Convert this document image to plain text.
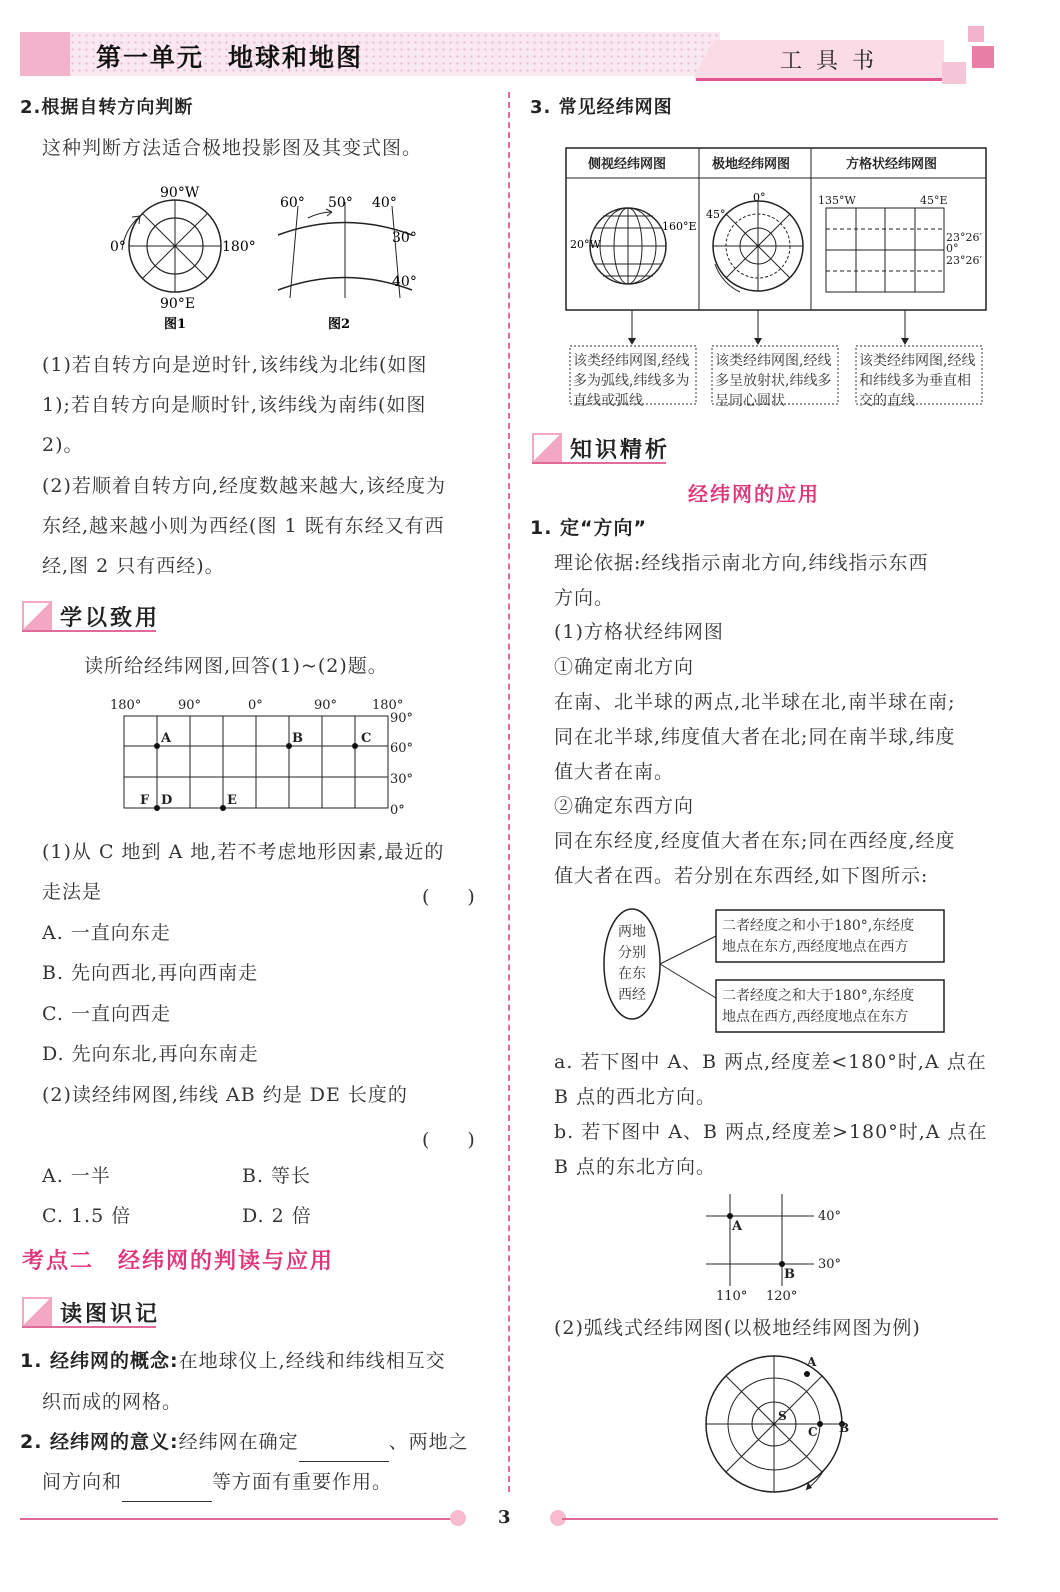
第一单元 地球和地图	工具书
2.根据自转方向判断
这种判断方法适合极地投影图及其变式图。
90°W
0°	180°
90°E
图1
60° 50° 40°
30°
40°
图2
(1)若自转方向是逆时针,该纬线为北纬(如图
1);若自转方向是顺时针,该纬线为南纬(如图
2)。
(2)若顺着自转方向,经度数越来越大,该经度为
东经,越来越小则为西经(图 1 既有东经又有西
经,图 2 只有西经)。
学以致用
读所给经纬网图,回答(1)~(2)题。
180°	90°	0°	90°	180°
90°
60°
30°
0°
A	B	C
F D	E
(1)从 C 地到 A 地,若不考虑地形因素,最近的
走法是	(　　)
A. 一直向东走
B. 先向西北,再向西南走
C. 一直向西走
D. 先向东北,再向东南走
(2)读经纬网图,纬线 AB 约是 DE 长度的
(　　)
A. 一半	B. 等长
C. 1.5 倍	D. 2 倍
考点二　经纬网的判读与应用
读图识记
1. 经纬网的概念:在地球仪上,经线和纬线相互交
织而成的网格。
2. 经纬网的意义:经纬网在确定	、两地之
间方向和	等方面有重要作用。
3. 常见经纬网图
侧视经纬网图	极地经纬网图	方格状经纬网图
160°E
20°W
0°
45°
135°W	45°E
23°26′
0°
23°26′
该类经纬网图,经线多为弧线,纬线多为直线或弧线
该类经纬网图,经线多呈放射状,纬线多呈同心圆状
该类经纬网图,经线和纬线多为垂直相交的直线
知识精析
经纬网的应用
1. 定“方向”
理论依据:经线指示南北方向,纬线指示东西
方向。
(1)方格状经纬网图
①确定南北方向
在南、北半球的两点,北半球在北,南半球在南;
同在北半球,纬度值大者在北;同在南半球,纬度
值大者在南。
②确定东西方向
同在东经度,经度值大者在东;同在西经度,经度
值大者在西。若分别在东西经,如下图所示:
两地
分别
在东
西经
二者经度之和小于180°,东经度
地点在东方,西经度地点在西方
二者经度之和大于180°,东经度
地点在西方,西经度地点在东方
a. 若下图中 A、B 两点,经度差<180°时,A 点在
B 点的西北方向。
b. 若下图中 A、B 两点,经度差>180°时,A 点在
B 点的东北方向。
A
B
40°
30°
110° 120°
(2)弧线式经纬网图(以极地经纬网图为例)
A
B
C
S
3
